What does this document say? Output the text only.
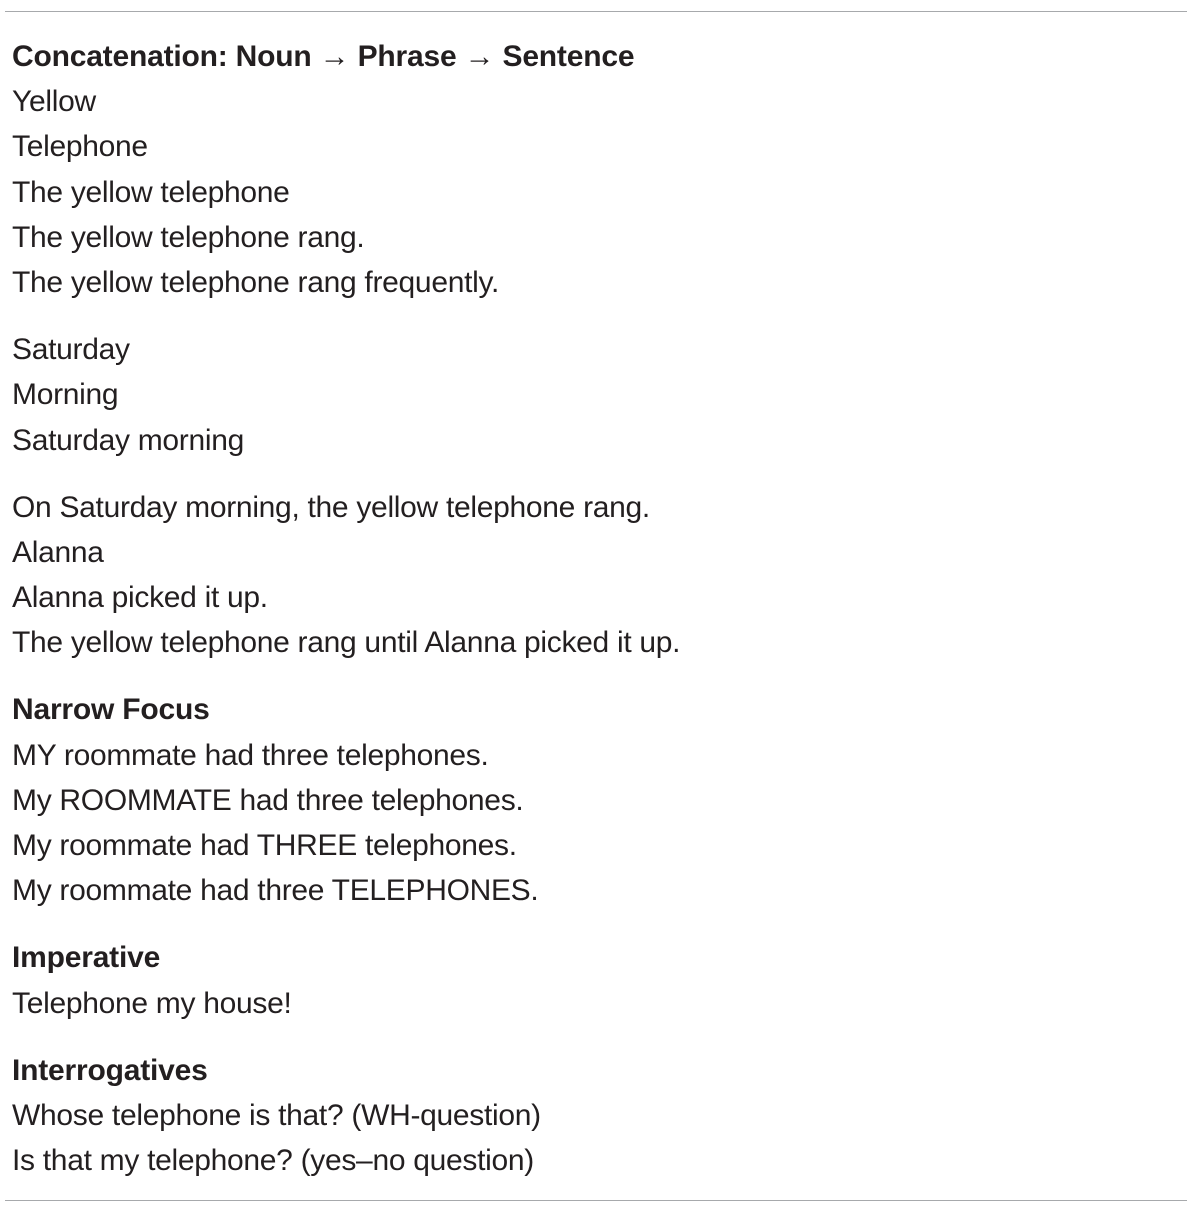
Concatenation: Noun → Phrase → Sentence
Yellow
Telephone
The yellow telephone
The yellow telephone rang.
The yellow telephone rang frequently.
Saturday
Morning
Saturday morning
On Saturday morning, the yellow telephone rang.
Alanna
Alanna picked it up.
The yellow telephone rang until Alanna picked it up.
Narrow Focus
MY roommate had three telephones.
My ROOMMATE had three telephones.
My roommate had THREE telephones.
My roommate had three TELEPHONES.
Imperative
Telephone my house!
Interrogatives
Whose telephone is that? (WH-question)
Is that my telephone? (yes–no question)
